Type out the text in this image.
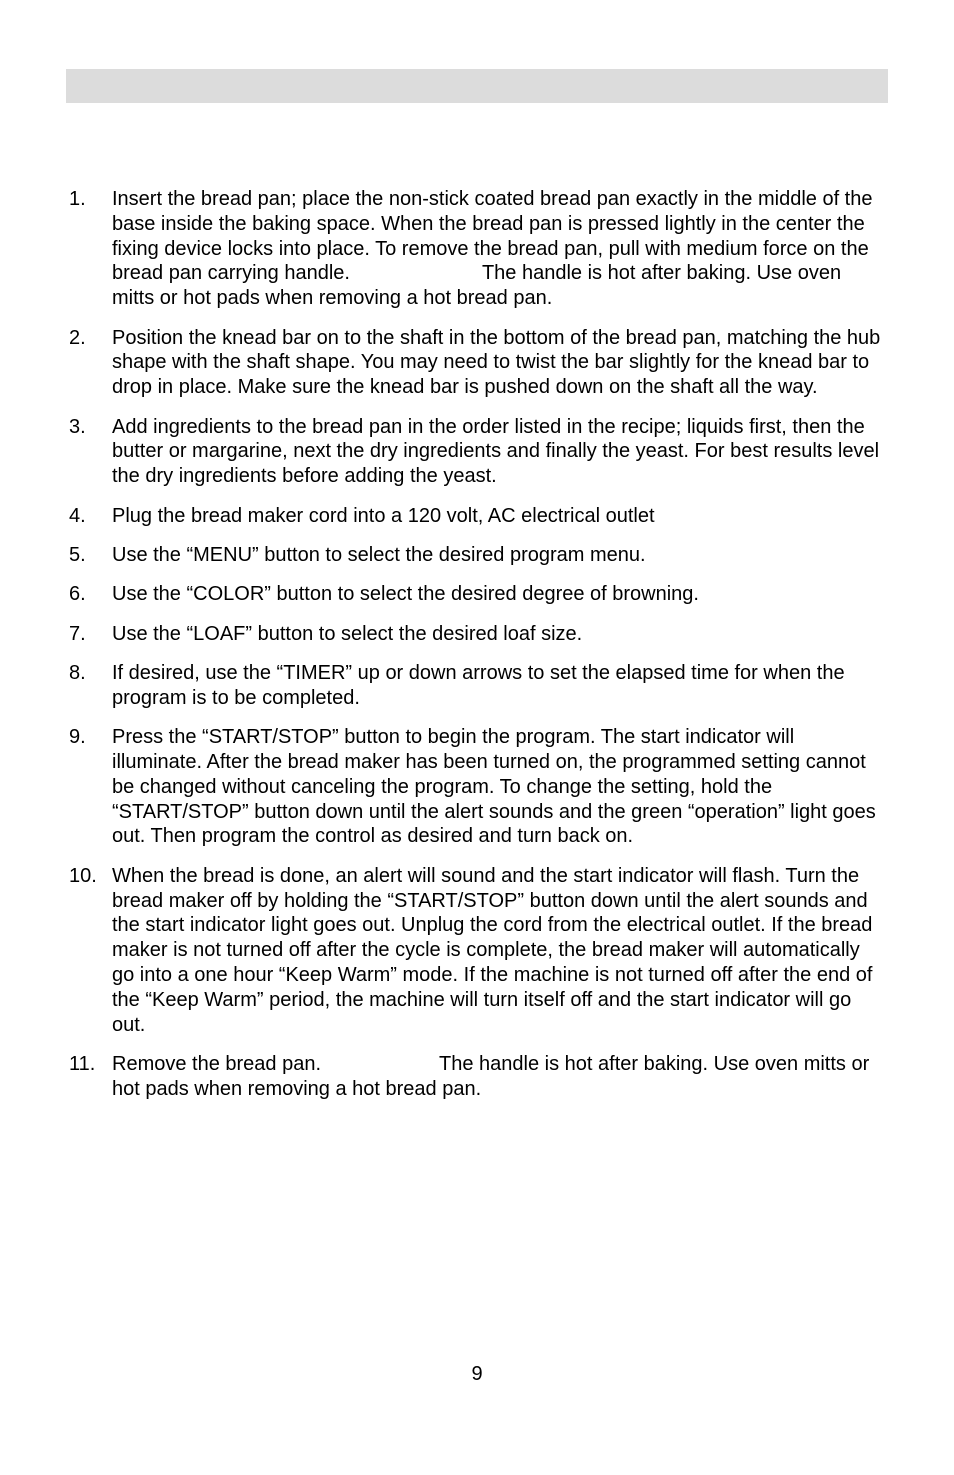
1. Insert the bread pan; place the non-stick coated bread pan exactly in the middle of the base inside the baking space. When the bread pan is pressed lightly in the center the fixing device locks into place. To remove the bread pan, pull with medium force on the bread pan carrying handle.	The handle is hot after baking. Use oven mitts or hot pads when removing a hot bread pan.
2. Position the knead bar on to the shaft in the bottom of the bread pan, matching the hub shape with the shaft shape. You may need to twist the bar slightly for the knead bar to drop in place. Make sure the knead bar is pushed down on the shaft all the way.
3. Add ingredients to the bread pan in the order listed in the recipe; liquids first, then the butter or margarine, next the dry ingredients and finally the yeast. For best results level the dry ingredients before adding the yeast.
4. Plug the bread maker cord into a 120 volt, AC electrical outlet
5. Use the “MENU” button to select the desired program menu.
6. Use the “COLOR” button to select the desired degree of browning.
7. Use the “LOAF” button to select the desired loaf size.
8. If desired, use the “TIMER” up or down arrows to set the elapsed time for when the program is to be completed.
9. Press the “START/STOP” button to begin the program. The start indicator will illuminate. After the bread maker has been turned on, the programmed setting cannot be changed without canceling the program. To change the setting, hold the “START/STOP” button down until the alert sounds and the green “operation” light goes out. Then program the control as desired and turn back on.
10. When the bread is done, an alert will sound and the start indicator will flash. Turn the bread maker off by holding the “START/STOP” button down until the alert sounds and the start indicator light goes out. Unplug the cord from the electrical outlet. If the bread maker is not turned off after the cycle is complete, the bread maker will automatically go into a one hour “Keep Warm” mode. If the machine is not turned off after the end of the “Keep Warm” period, the machine will turn itself off and the start indicator will go out.
11. Remove the bread pan.	The handle is hot after baking. Use oven mitts or hot pads when removing a hot bread pan.
9
